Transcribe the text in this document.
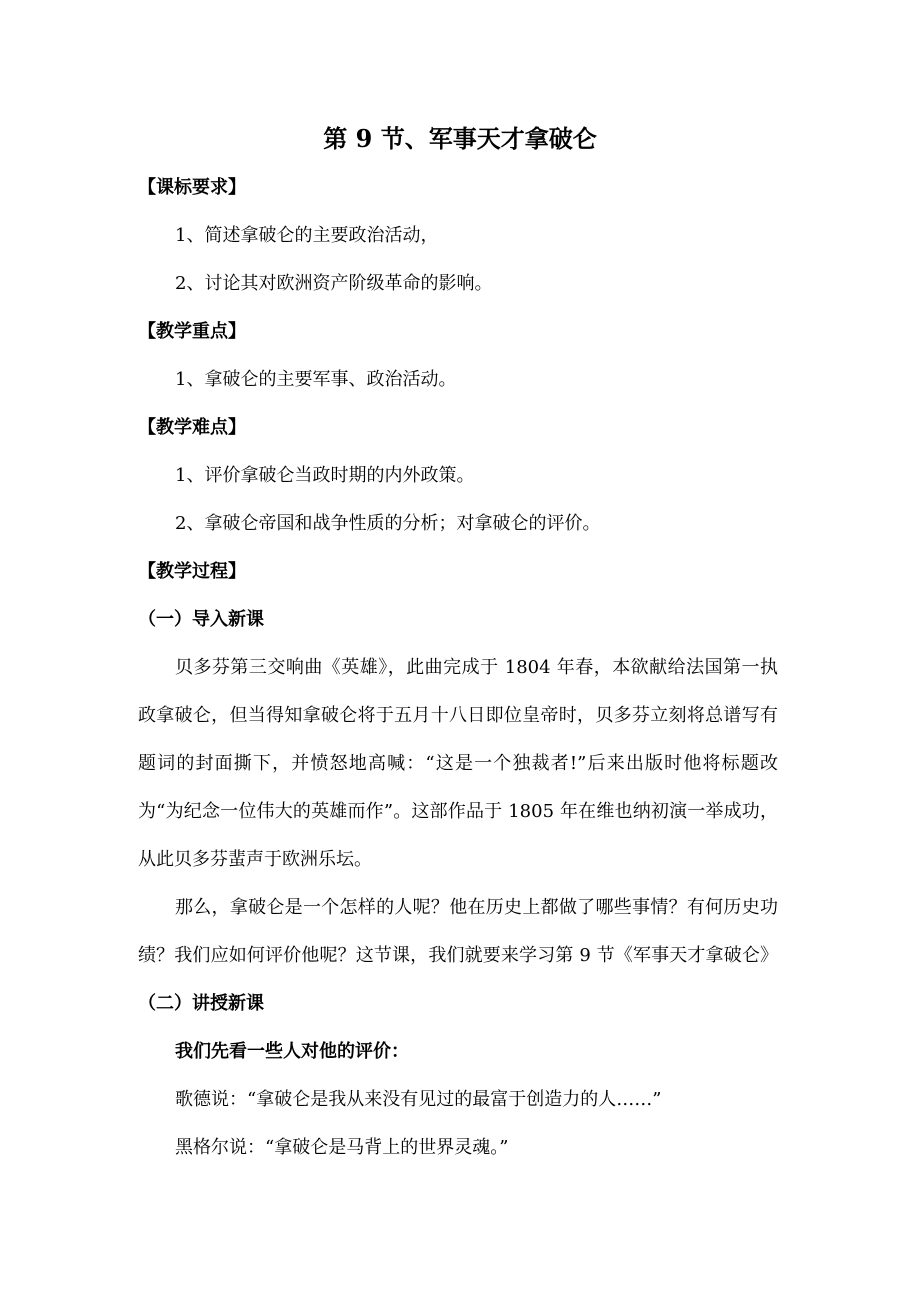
第 9 节、军事天才拿破仑
【课标要求】
1、简述拿破仑的主要政治活动，
2、讨论其对欧洲资产阶级革命的影响。
【教学重点】
1、拿破仑的主要军事、政治活动。
【教学难点】
1、评价拿破仑当政时期的内外政策。
2、拿破仑帝国和战争性质的分析；对拿破仑的评价。
【教学过程】
（一）导入新课
贝多芬第三交响曲《英雄》，此曲完成于 1804 年春，本欲献给法国第一执
政拿破仑，但当得知拿破仑将于五月十八日即位皇帝时，贝多芬立刻将总谱写有
题词的封面撕下，并愤怒地高喊：“这是一个独裁者!”后来出版时他将标题改
为“为纪念一位伟大的英雄而作”。这部作品于 1805 年在维也纳初演一举成功，
从此贝多芬蜚声于欧洲乐坛。
那么，拿破仑是一个怎样的人呢？他在历史上都做了哪些事情？有何历史功
绩？我们应如何评价他呢？这节课，我们就要来学习第 9 节《军事天才拿破仑》
（二）讲授新课
我们先看一些人对他的评价：
歌德说：“拿破仑是我从来没有见过的最富于创造力的人……”
黑格尔说：“拿破仑是马背上的世界灵魂。”
